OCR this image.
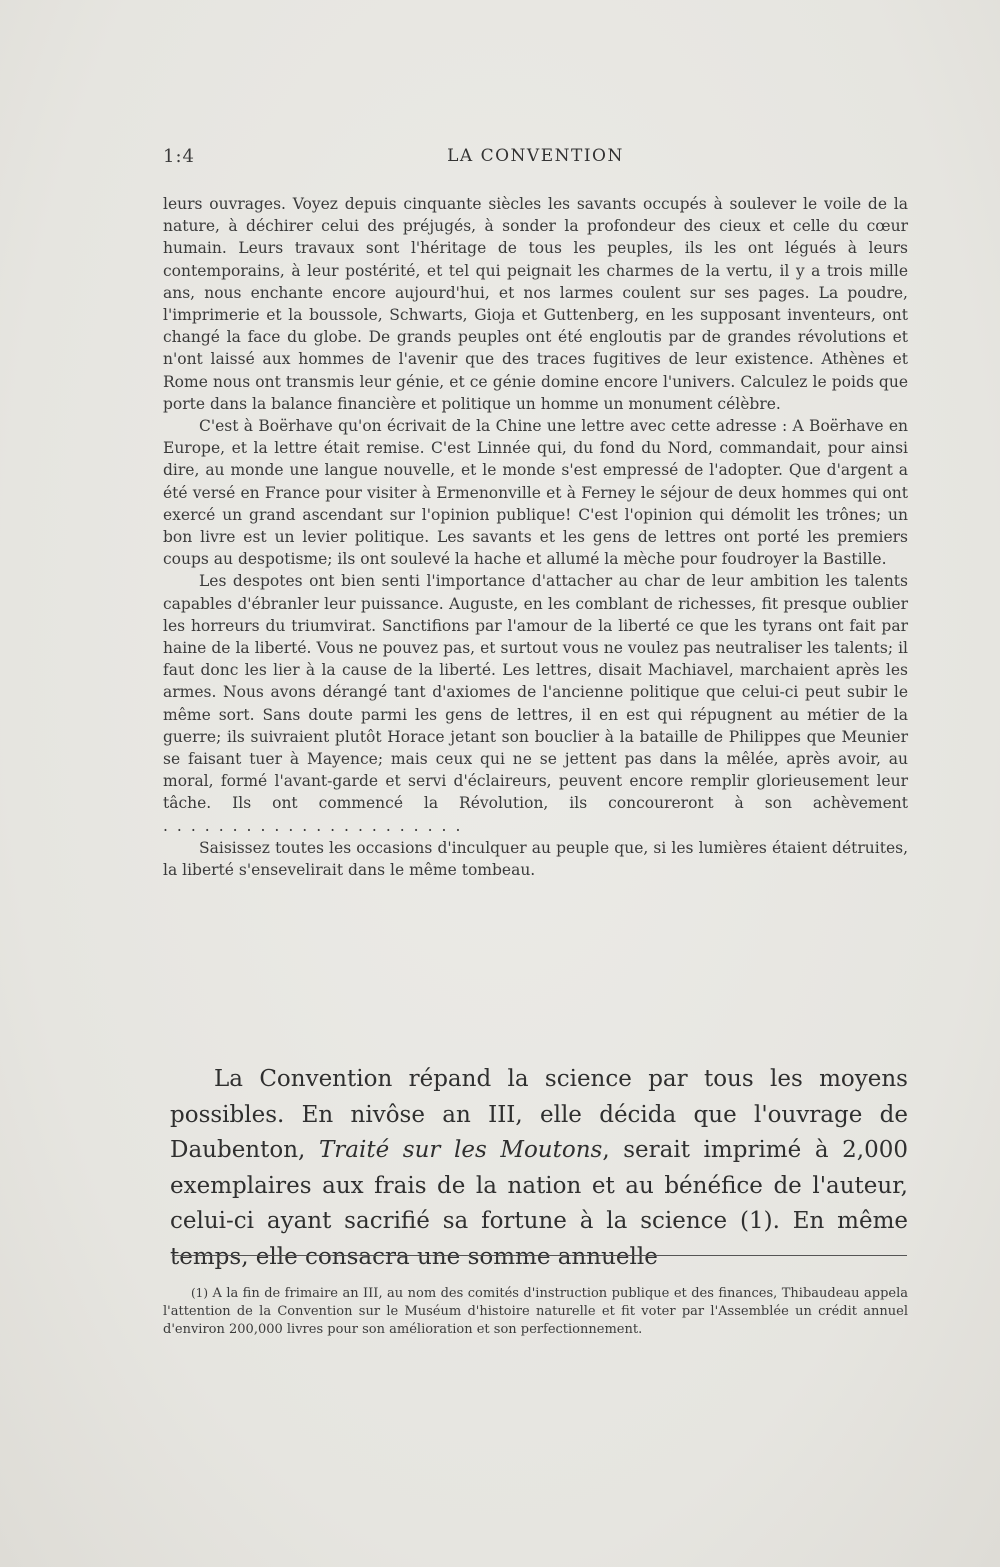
1:4	LA CONVENTION

leurs ouvrages. Voyez depuis cinquante siècles les savants occupés à soulever le voile de la nature, à déchirer celui des préjugés, à sonder la profondeur des cieux et celle du cœur humain. Leurs travaux sont l'héritage de tous les peuples, ils les ont légués à leurs contemporains, à leur postérité, et tel qui peignait les charmes de la vertu, il y a trois mille ans, nous enchante encore aujourd'hui, et nos larmes coulent sur ses pages. La poudre, l'imprimerie et la boussole, Schwarts, Gioja et Guttenberg, en les supposant inventeurs, ont changé la face du globe. De grands peuples ont été engloutis par de grandes révolutions et n'ont laissé aux hommes de l'avenir que des traces fugitives de leur existence. Athènes et Rome nous ont transmis leur génie, et ce génie domine encore l'univers. Calculez le poids que porte dans la balance financière et politique un homme un monument célèbre.

C'est à Boërhave qu'on écrivait de la Chine une lettre avec cette adresse : A Boërhave en Europe, et la lettre était remise. C'est Linnée qui, du fond du Nord, commandait, pour ainsi dire, au monde une langue nouvelle, et le monde s'est empressé de l'adopter. Que d'argent a été versé en France pour visiter à Ermenonville et à Ferney le séjour de deux hommes qui ont exercé un grand ascendant sur l'opinion publique! C'est l'opinion qui démolit les trônes; un bon livre est un levier politique. Les savants et les gens de lettres ont porté les premiers coups au despotisme; ils ont soulevé la hache et allumé la mèche pour foudroyer la Bastille.

Les despotes ont bien senti l'importance d'attacher au char de leur ambition les talents capables d'ébranler leur puissance. Auguste, en les comblant de richesses, fit presque oublier les horreurs du triumvirat. Sanctifions par l'amour de la liberté ce que les tyrans ont fait par haine de la liberté. Vous ne pouvez pas, et surtout vous ne voulez pas neutraliser les talents; il faut donc les lier à la cause de la liberté. Les lettres, disait Machiavel, marchaient après les armes. Nous avons dérangé tant d'axiomes de l'ancienne politique que celui-ci peut subir le même sort. Sans doute parmi les gens de lettres, il en est qui répugnent au métier de la guerre; ils suivraient plutôt Horace jetant son bouclier à la bataille de Philippes que Meunier se faisant tuer à Mayence; mais ceux qui ne se jettent pas dans la mêlée, après avoir, au moral, formé l'avant-garde et servi d'éclaireurs, peuvent encore remplir glorieusement leur tâche. Ils ont commencé la Révolution, ils concoureront à son achèvement ......................

Saisissez toutes les occasions d'inculquer au peuple que, si les lumières étaient détruites, la liberté s'ensevelirait dans le même tombeau.

La Convention répand la science par tous les moyens possibles. En nivôse an III, elle décida que l'ouvrage de Daubenton, Traité sur les Moutons, serait imprimé à 2,000 exemplaires aux frais de la nation et au bénéfice de l'auteur, celui-ci ayant sacrifié sa fortune à la science (1). En même temps, elle consacra une somme annuelle

(1) A la fin de frimaire an III, au nom des comités d'instruction publique et des finances, Thibaudeau appela l'attention de la Convention sur le Muséum d'histoire naturelle et fit voter par l'Assemblée un crédit annuel d'environ 200,000 livres pour son amélioration et son perfectionnement.
